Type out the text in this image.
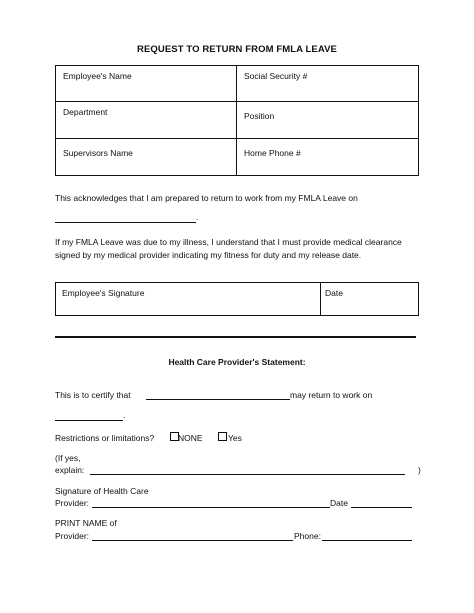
REQUEST TO RETURN FROM FMLA LEAVE
Employee's Name	Social Security #

Department	Position

Supervisors Name	Home Phone #

This acknowledges that I am prepared to return to work from my FMLA Leave on

.

If my FMLA Leave was due to my illness, I understand that I must provide medical clearance signed by my medical provider indicating my fitness for duty and my release date.

Employee's Signature	Date
Health Care Provider's Statement:
This is to certify that	may return to work on
.
Restrictions or limitations?	NONE	Yes
(If yes,
explain:	)
Signature of Health Care
Provider:	Date
PRINT NAME of
Provider:	Phone:
